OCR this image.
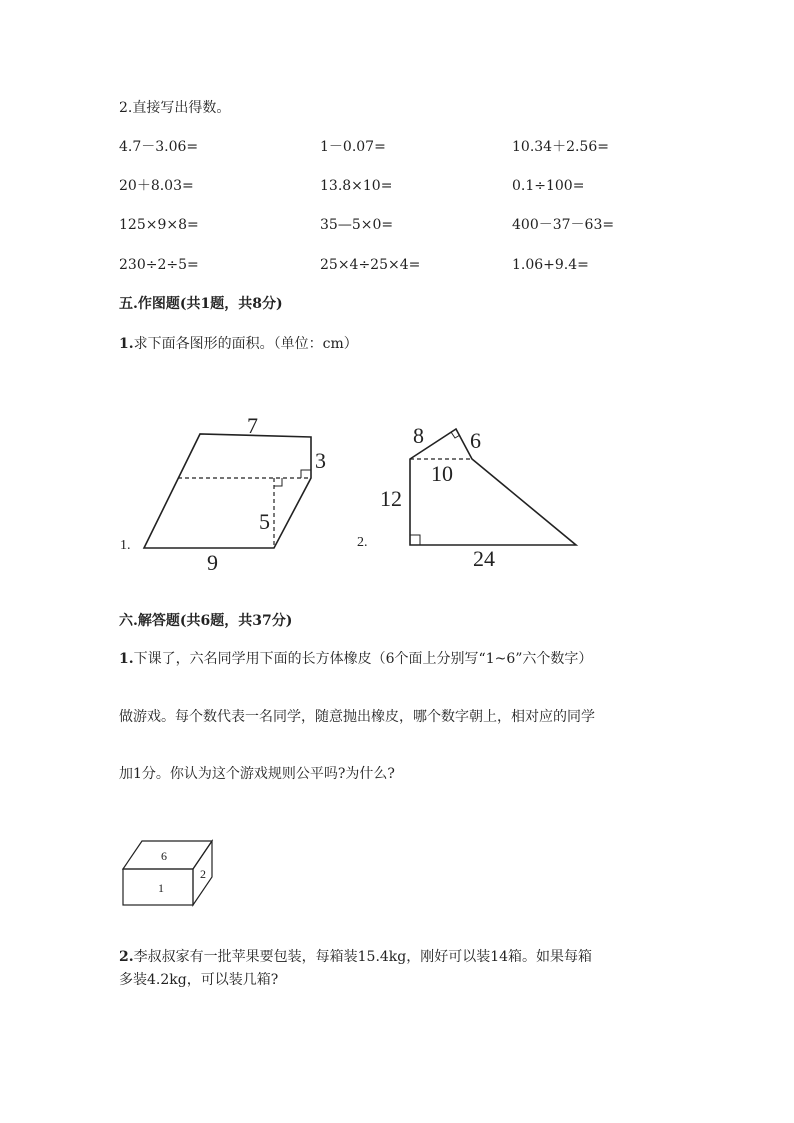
2.直接写出得数。
4.7－3.06=	1－0.07=	10.34＋2.56=
20＋8.03=	13.8×10=	0.1÷100=
125×9×8=	35—5×0=	400－37－63=
230÷2÷5=	25×4÷25×4=	1.06+9.4=
五.作图题(共1题，共8分)
1.求下面各图形的面积。（单位：cm）
1.
7
3
5
9
2.
8 6
10
12
24
六.解答题(共6题，共37分)
1.下课了，六名同学用下面的长方体橡皮（6个面上分别写“1~6”六个数字）
做游戏。每个数代表一名同学，随意抛出橡皮，哪个数字朝上，相对应的同学
加1分。你认为这个游戏规则公平吗?为什么?
6
1
2
2.李叔叔家有一批苹果要包装，每箱装15.4kg，刚好可以装14箱。如果每箱
多装4.2kg，可以装几箱?
